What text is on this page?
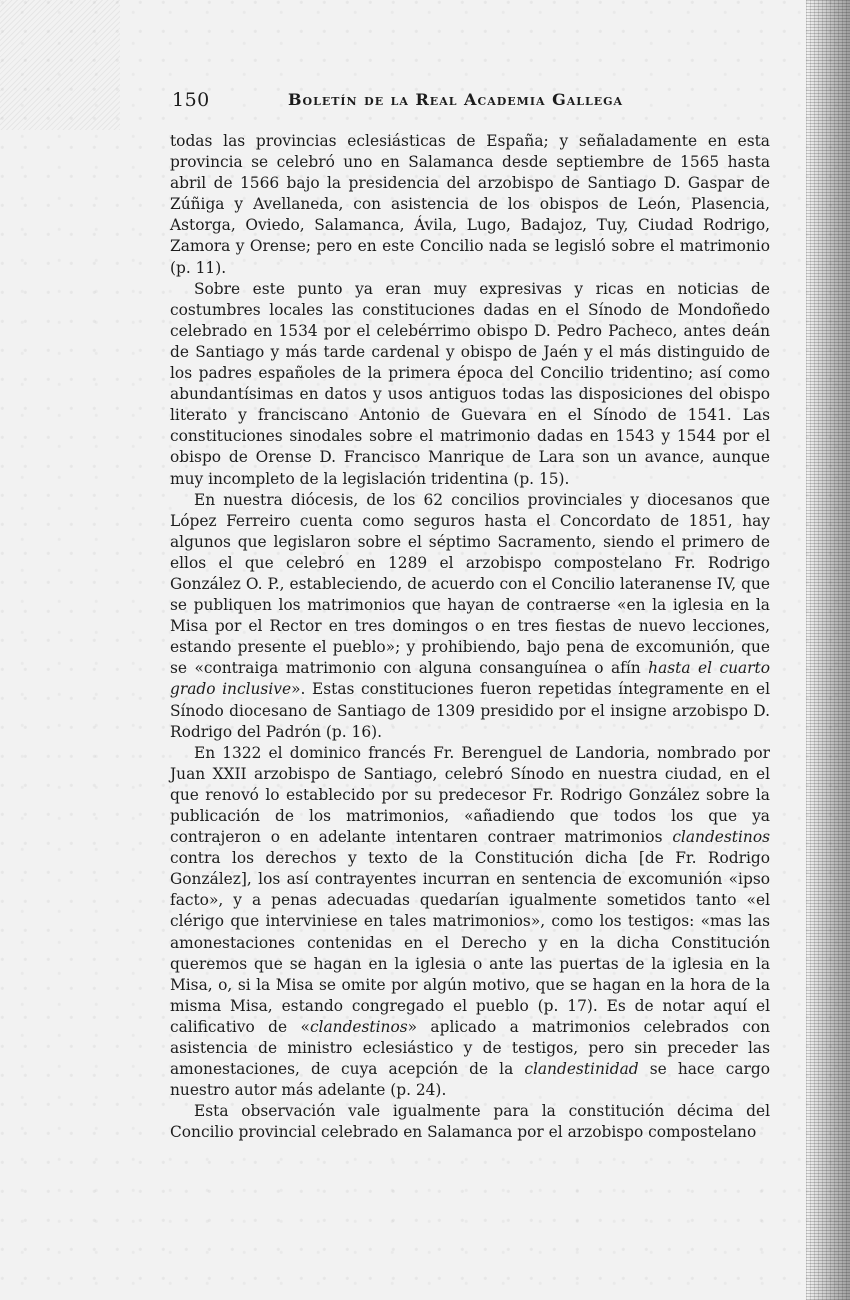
150	Boletín de la Real Academia Gallega

todas las provincias eclesiásticas de España; y señaladamente en esta provincia se celebró uno en Salamanca desde septiembre de 1565 hasta abril de 1566 bajo la presidencia del arzobispo de Santiago D. Gaspar de Zúñiga y Avellaneda, con asistencia de los obispos de León, Plasencia, Astorga, Oviedo, Salamanca, Ávila, Lugo, Badajoz, Tuy, Ciudad Rodrigo, Zamora y Orense; pero en este Concilio nada se legisló sobre el matrimonio (p. 11).

Sobre este punto ya eran muy expresivas y ricas en noticias de costumbres locales las constituciones dadas en el Sínodo de Mondoñedo celebrado en 1534 por el celebérrimo obispo D. Pedro Pacheco, antes deán de Santiago y más tarde cardenal y obispo de Jaén y el más distinguido de los padres españoles de la primera época del Concilio tridentino; así como abundantísimas en datos y usos antiguos todas las disposiciones del obispo literato y franciscano Antonio de Guevara en el Sínodo de 1541. Las constituciones sinodales sobre el matrimonio dadas en 1543 y 1544 por el obispo de Orense D. Francisco Manrique de Lara son un avance, aunque muy incompleto de la legislación tridentina (p. 15).

En nuestra diócesis, de los 62 concilios provinciales y diocesanos que López Ferreiro cuenta como seguros hasta el Concordato de 1851, hay algunos que legislaron sobre el séptimo Sacramento, siendo el primero de ellos el que celebró en 1289 el arzobispo compostelano Fr. Rodrigo González O. P., estableciendo, de acuerdo con el Concilio lateranense IV, que se publiquen los matrimonios que hayan de contraerse «en la iglesia en la Misa por el Rector en tres domingos o en tres fiestas de nuevo lecciones, estando presente el pueblo»; y prohibiendo, bajo pena de excomunión, que se «contraiga matrimonio con alguna consanguínea o afín hasta el cuarto grado inclusive». Estas constituciones fueron repetidas íntegramente en el Sínodo diocesano de Santiago de 1309 presidido por el insigne arzobispo D. Rodrigo del Padrón (p. 16).

En 1322 el dominico francés Fr. Berenguel de Landoria, nombrado por Juan XXII arzobispo de Santiago, celebró Sínodo en nuestra ciudad, en el que renovó lo establecido por su predecesor Fr. Rodrigo González sobre la publicación de los matrimonios, «añadiendo que todos los que ya contrajeron o en adelante intentaren contraer matrimonios clandestinos contra los derechos y texto de la Constitución dicha [de Fr. Rodrigo González], los así contrayentes incurran en sentencia de excomunión «ipso facto», y a penas adecuadas quedarían igualmente sometidos tanto «el clérigo que interviniese en tales matrimonios», como los testigos: «mas las amonestaciones contenidas en el Derecho y en la dicha Constitución queremos que se hagan en la iglesia o ante las puertas de la iglesia en la Misa, o, si la Misa se omite por algún motivo, que se hagan en la hora de la misma Misa, estando congregado el pueblo (p. 17). Es de notar aquí el calificativo de «clandestinos» aplicado a matrimonios celebrados con asistencia de ministro eclesiástico y de testigos, pero sin preceder las amonestaciones, de cuya acepción de la clandestinidad se hace cargo nuestro autor más adelante (p. 24).

Esta observación vale igualmente para la constitución décima del Concilio provincial celebrado en Salamanca por el arzobispo compostelano
